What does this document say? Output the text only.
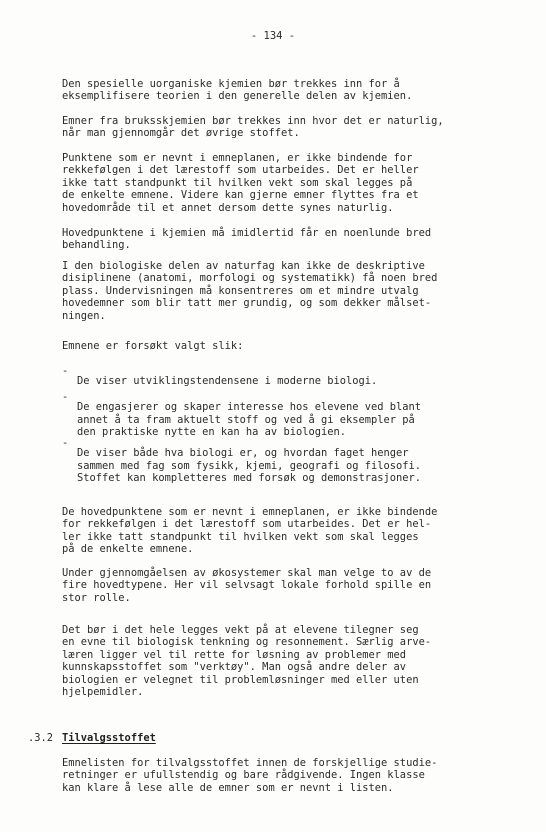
- 134 -

Den spesielle uorganiske kjemien bør trekkes inn for å
eksemplifisere teorien i den generelle delen av kjemien.

Emner fra bruksskjemien bør trekkes inn hvor det er naturlig,
når man gjennomgår det øvrige stoffet.

Punktene som er nevnt i emneplanen, er ikke bindende for
rekkefølgen i det lærestoff som utarbeides. Det er heller
ikke tatt standpunkt til hvilken vekt som skal legges på
de enkelte emnene. Videre kan gjerne emner flyttes fra et
hovedområde til et annet dersom dette synes naturlig.

Hovedpunktene i kjemien må imidlertid får en noenlunde bred
behandling.

I den biologiske delen av naturfag kan ikke de deskriptive
disiplinene (anatomi, morfologi og systematikk) få noen bred
plass. Undervisningen må konsentreres om et mindre utvalg
hovedemner som blir tatt mer grundig, og som dekker målset-
ningen.

Emnene er forsøkt valgt slik:

-

De viser utviklingstendensene i moderne biologi.

-

De engasjerer og skaper interesse hos elevene ved blant
annet å ta fram aktuelt stoff og ved å gi eksempler på
den praktiske nytte en kan ha av biologien.

-

De viser både hva biologi er, og hvordan faget henger
sammen med fag som fysikk, kjemi, geografi og filosofi.

Stoffet kan kompletteres med forsøk og demonstrasjoner.

De hovedpunktene som er nevnt i emneplanen, er ikke bindende
for rekkefølgen i det lærestoff som utarbeides. Det er hel-
ler ikke tatt standpunkt til hvilken vekt som skal legges
på de enkelte emnene.

Under gjennomgåelsen av økosystemer skal man velge to av de
fire hovedtypene. Her vil selvsagt lokale forhold spille en
stor rolle.

Det bør i det hele legges vekt på at elevene tilegner seg
en evne til biologisk tenkning og resonnement. Særlig arve-
læren ligger vel til rette for løsning av problemer med
kunnskapsstoffet som "verktøy". Man også andre deler av
biologien er velegnet til problemløsninger med eller uten
hjelpemidler.

.3.2 Tilvalgsstoffet

Emnelisten for tilvalgsstoffet innen de forskjellige studie-
retninger er ufullstendig og bare rådgivende. Ingen klasse
kan klare å lese alle de emner som er nevnt i listen.
